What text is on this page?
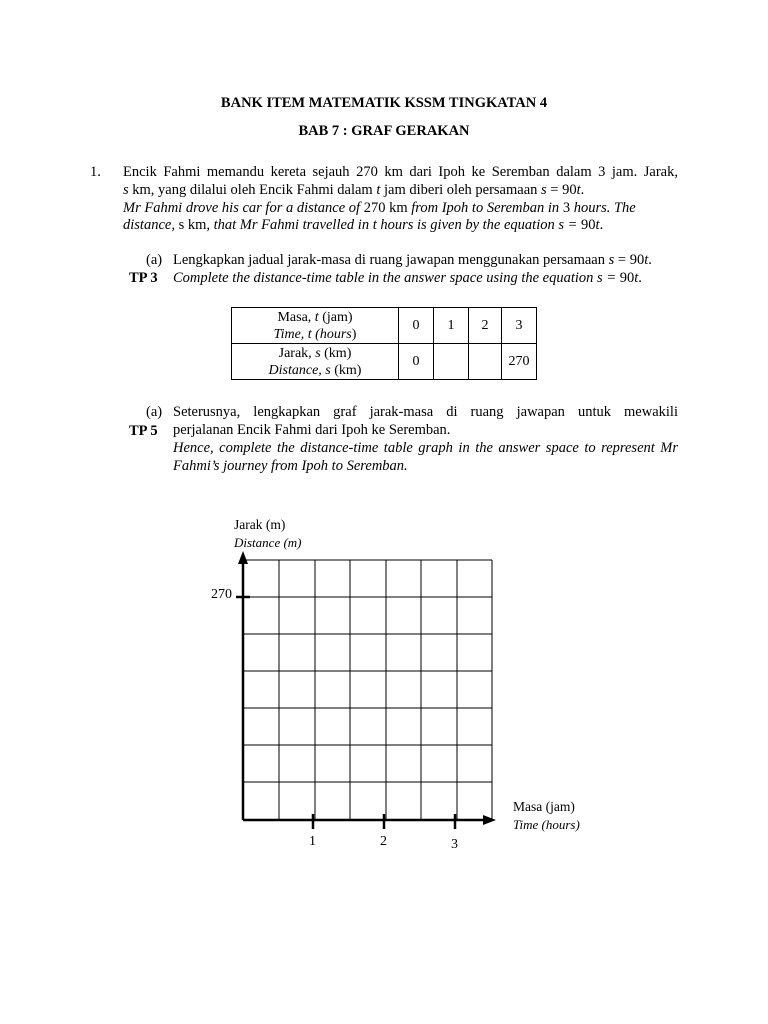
BANK ITEM MATEMATIK KSSM TINGKATAN 4
BAB 7 : GRAF GERAKAN
1. Encik Fahmi memandu kereta sejauh 270 km dari Ipoh ke Seremban dalam 3 jam. Jarak,
s km, yang dilalui oleh Encik Fahmi dalam t jam diberi oleh persamaan s = 90t.
Mr Fahmi drove his car for a distance of 270 km from Ipoh to Seremban in 3 hours. The
distance, s km, that Mr Fahmi travelled in t hours is given by the equation s = 90t.
(a)
TP 3
Lengkapkan jadual jarak-masa di ruang jawapan menggunakan persamaan s = 90t.
Complete the distance-time table in the answer space using the equation s = 90t.
Masa, t (jam)
Time, t (hours)	0	1	2	3

Jarak, s (km)
Distance, s (km)	0			270
(a)
TP 5
Seterusnya, lengkapkan graf jarak-masa di ruang jawapan untuk mewakili
perjalanan Encik Fahmi dari Ipoh ke Seremban.
Hence, complete the distance-time table graph in the answer space to represent Mr
Fahmi’s journey from Ipoh to Seremban.
Jarak (m)
Distance (m)
Masa (jam)
Time (hours)
270
1	2	3
